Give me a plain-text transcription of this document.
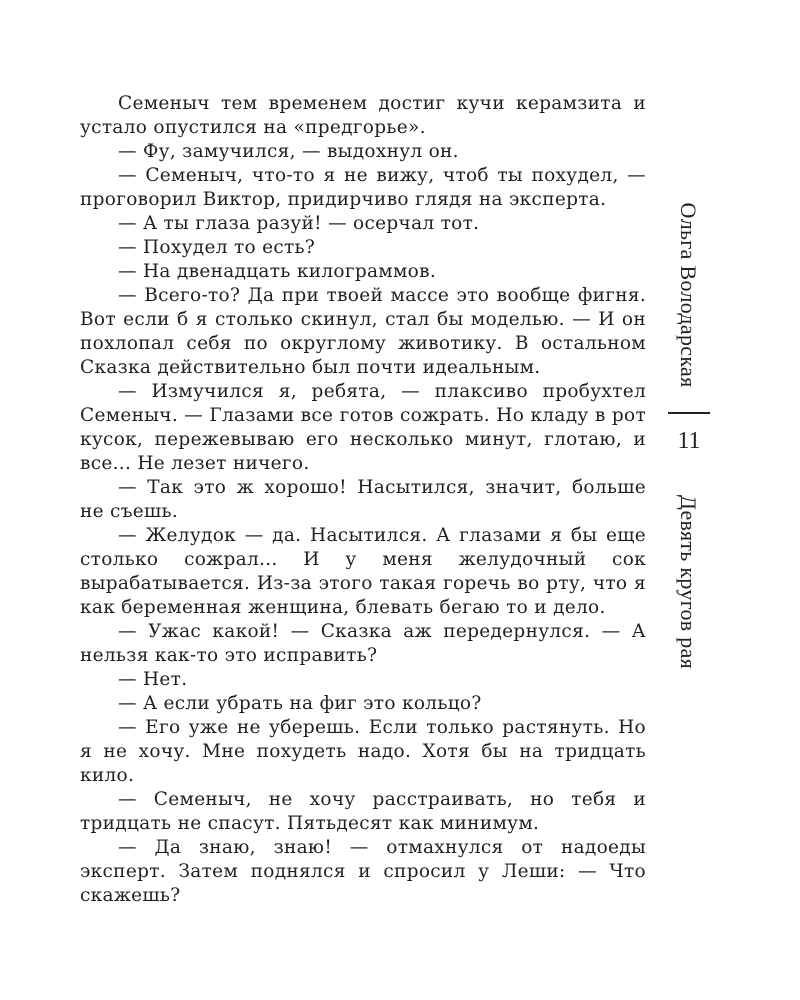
Семеныч тем временем достиг кучи керамзита и устало опустился на «предгорье».

— Фу, замучился, — выдохнул он.

— Семеныч, что-то я не вижу, чтоб ты похудел, — проговорил Виктор, придирчиво глядя на эксперта.

— А ты глаза разуй! — осерчал тот.

— Похудел то есть?

— На двенадцать килограммов.

— Всего-то? Да при твоей массе это вообще фигня. Вот если б я столько скинул, стал бы моделью. — И он похлопал себя по округлому животику. В остальном Сказка действительно был почти идеальным.

— Измучился я, ребята, — плаксиво пробухтел Семеныч. — Глазами все готов сожрать. Но кладу в рот кусок, пережевываю его несколько минут, глотаю, и все... Не лезет ничего.

— Так это ж хорошо! Насытился, значит, больше не съешь.

— Желудок — да. Насытился. А глазами я бы еще столько сожрал... И у меня желудочный сок вырабатывается. Из-за этого такая горечь во рту, что я как беременная женщина, блевать бегаю то и дело.

— Ужас какой! — Сказка аж передернулся. — А нельзя как-то это исправить?

— Нет.

— А если убрать на фиг это кольцо?

— Его уже не уберешь. Если только растянуть. Но я не хочу. Мне похудеть надо. Хотя бы на тридцать кило.

— Семеныч, не хочу расстраивать, но тебя и тридцать не спасут. Пятьдесят как минимум.

— Да знаю, знаю! — отмахнулся от надоеды эксперт. Затем поднялся и спросил у Леши: — Что скажешь?

Ольга Володарская
11
Девять кругов рая
